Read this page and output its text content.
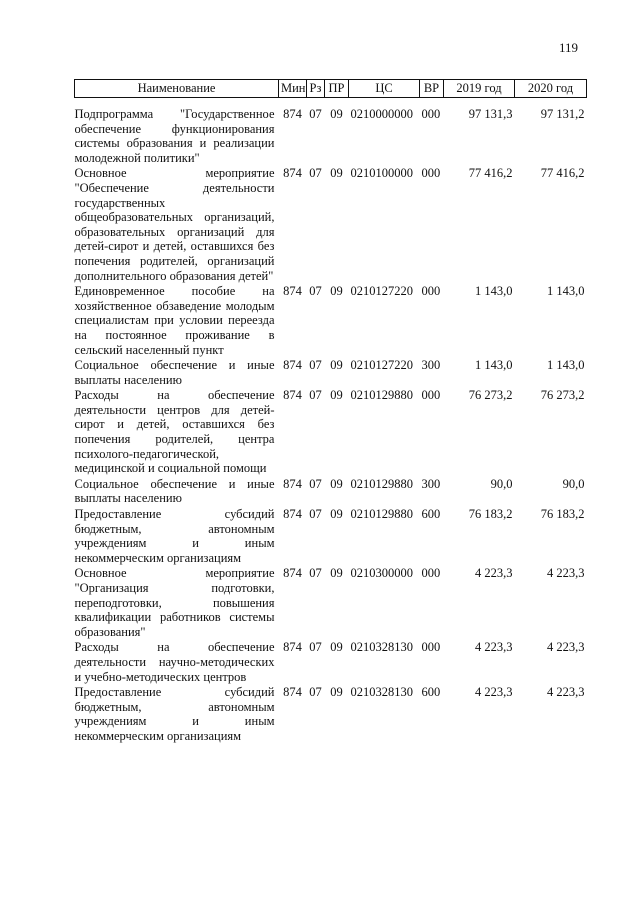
119
Наименование	Мин	Рз	ПР	ЦС	ВР	2019 год	2020 год
Подпрограмма "Государственное обеспечение функционирования системы образования и реализации молодежной политики"	874	07	09	0210000000	000	97 131,3	97 131,2
Основное мероприятие "Обеспечение деятельности государственных общеобразовательных организаций, образовательных организаций для детей-сирот и детей, оставшихся без попечения родителей, организаций дополнительного образования детей"	874	07	09	0210100000	000	77 416,2	77 416,2
Единовременное пособие на хозяйственное обзаведение молодым специалистам при условии переезда на постоянное проживание в сельский населенный пункт	874	07	09	0210127220	000	1 143,0	1 143,0
Социальное обеспечение и иные выплаты населению	874	07	09	0210127220	300	1 143,0	1 143,0
Расходы на обеспечение деятельности центров для детей-сирот и детей, оставшихся без попечения родителей, центра психолого-педагогической, медицинской и социальной помощи	874	07	09	0210129880	000	76 273,2	76 273,2
Социальное обеспечение и иные выплаты населению	874	07	09	0210129880	300	90,0	90,0
Предоставление субсидий бюджетным, автономным учреждениям и иным некоммерческим организациям	874	07	09	0210129880	600	76 183,2	76 183,2
Основное мероприятие "Организация подготовки, переподготовки, повышения квалификации работников системы образования"	874	07	09	0210300000	000	4 223,3	4 223,3
Расходы на обеспечение деятельности научно-методических и учебно-методических центров	874	07	09	0210328130	000	4 223,3	4 223,3
Предоставление субсидий бюджетным, автономным учреждениям и иным некоммерческим организациям	874	07	09	0210328130	600	4 223,3	4 223,3
